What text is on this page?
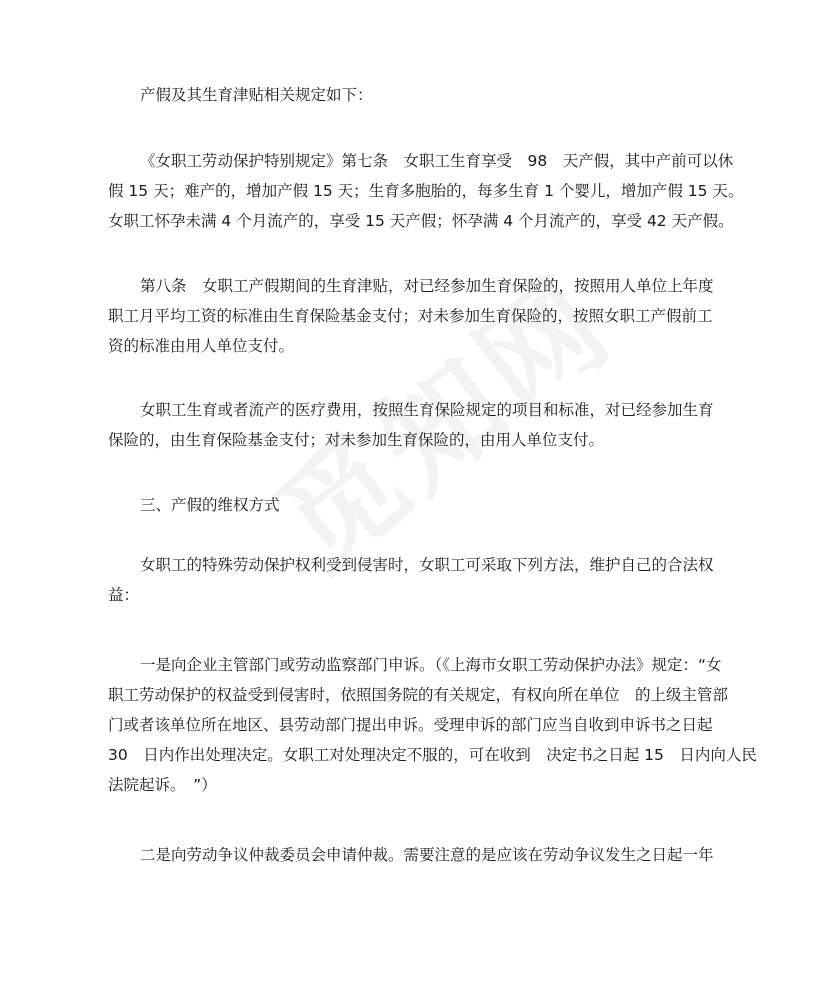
产假及其生育津贴相关规定如下：

《女职工劳动保护特别规定》第七条　女职工生育享受　98　天产假，其中产前可以休
假 15 天；难产的，增加产假 15 天；生育多胞胎的，每多生育 1 个婴儿，增加产假 15 天。
女职工怀孕未满 4 个月流产的，享受 15 天产假；怀孕满 4 个月流产的，享受 42 天产假。

第八条　女职工产假期间的生育津贴，对已经参加生育保险的，按照用人单位上年度
职工月平均工资的标准由生育保险基金支付；对未参加生育保险的，按照女职工产假前工
资的标准由用人单位支付。

女职工生育或者流产的医疗费用，按照生育保险规定的项目和标准，对已经参加生育
保险的，由生育保险基金支付；对未参加生育保险的，由用人单位支付。

三、产假的维权方式

女职工的特殊劳动保护权利受到侵害时，女职工可采取下列方法，维护自己的合法权
益：

一是向企业主管部门或劳动监察部门申诉。（《上海市女职工劳动保护办法》规定：“女
职工劳动保护的权益受到侵害时，依照国务院的有关规定，有权向所在单位　的上级主管部
门或者该单位所在地区、县劳动部门提出申诉。受理申诉的部门应当自收到申诉书之日起
30　日内作出处理决定。女职工对处理决定不服的，可在收到　决定书之日起 15　日内向人民
法院起诉。　”）

二是向劳动争议仲裁委员会申请仲裁。需要注意的是应该在劳动争议发生之日起一年
